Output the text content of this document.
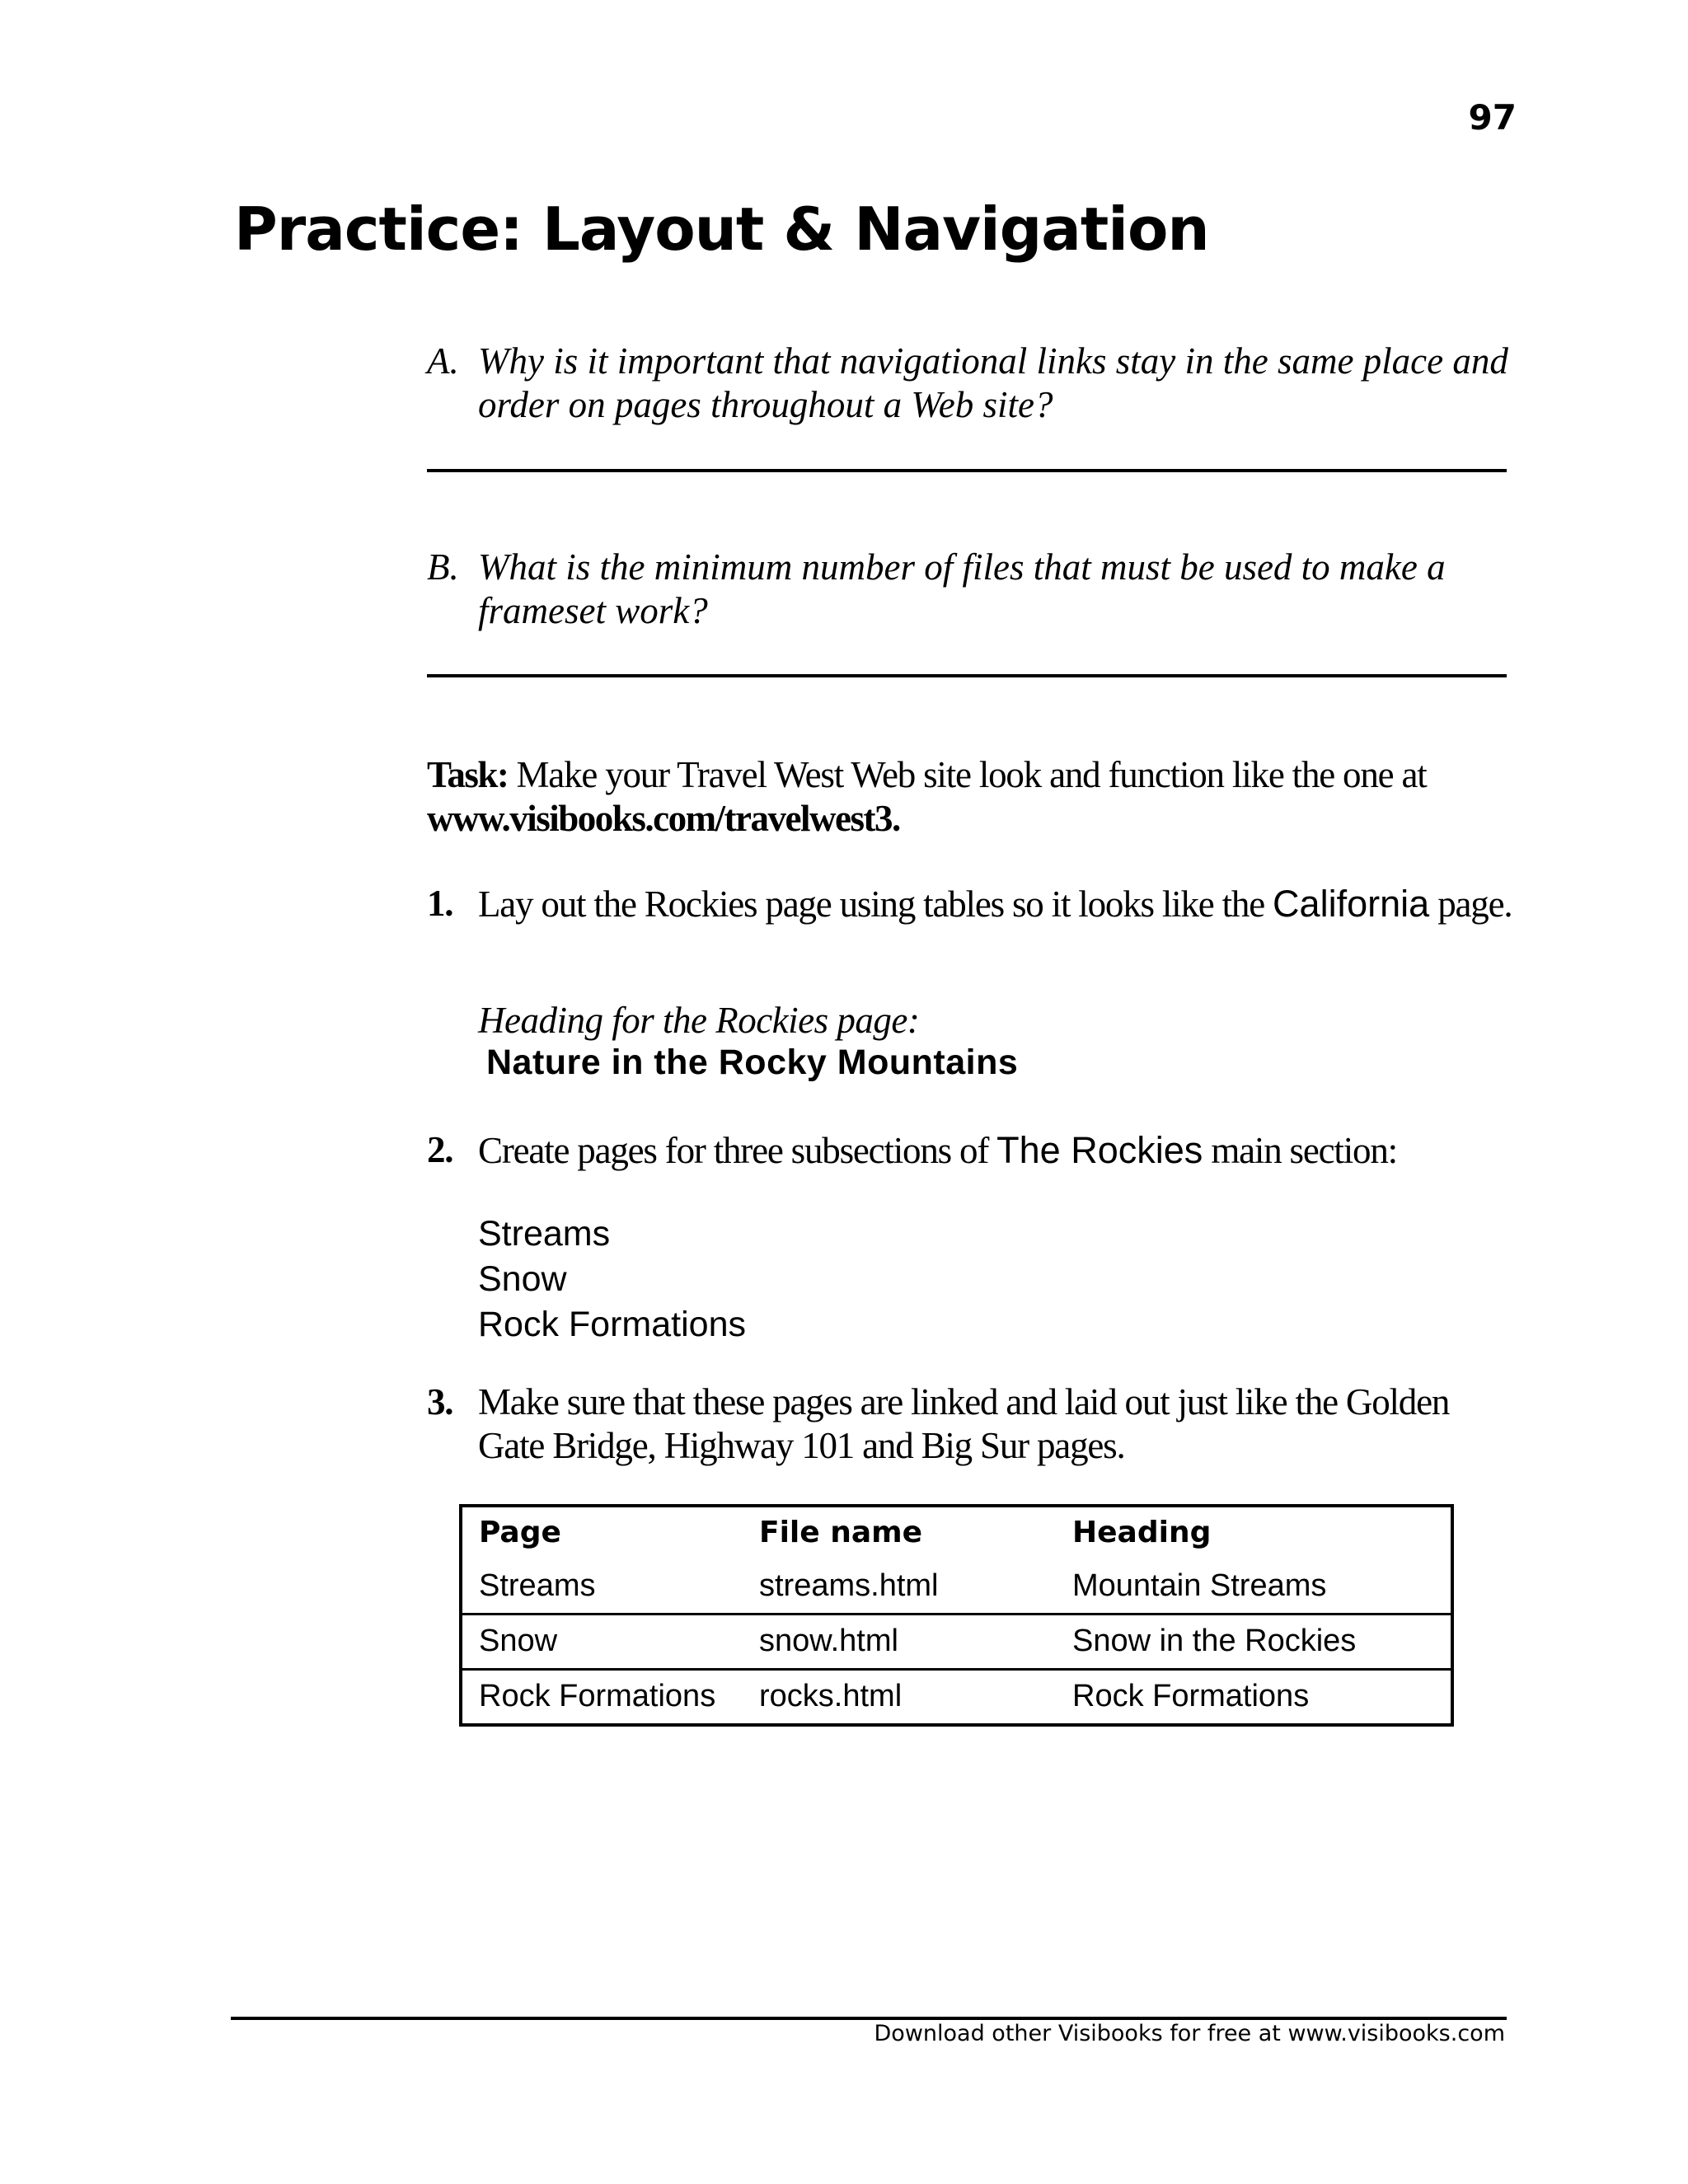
97
Practice: Layout & Navigation
A. Why is it important that navigational links stay in the same place and order on pages throughout a Web site?
B. What is the minimum number of files that must be used to make a frameset work?
Task: Make your Travel West Web site look and function like the one at www.visibooks.com/travelwest3.
1. Lay out the Rockies page using tables so it looks like the California page.
Heading for the Rockies page:
Nature in the Rocky Mountains
2. Create pages for three subsections of The Rockies main section:
Streams
Snow
Rock Formations
3. Make sure that these pages are linked and laid out just like the Golden Gate Bridge, Highway 101 and Big Sur pages.
Page	File name	Heading
Streams	streams.html	Mountain Streams
Snow	snow.html	Snow in the Rockies
Rock Formations	rocks.html	Rock Formations
Download other Visibooks for free at www.visibooks.com
